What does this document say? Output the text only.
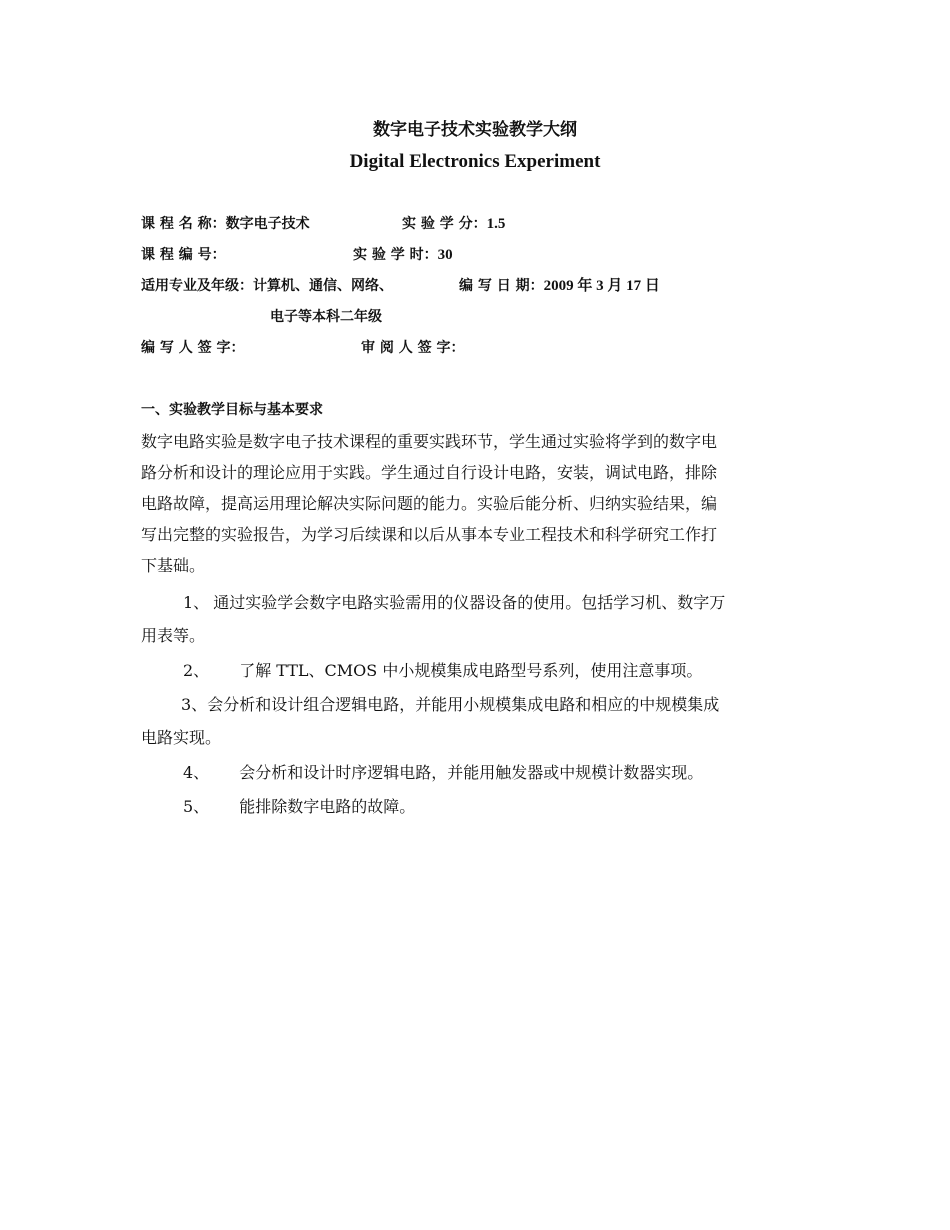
数字电子技术实验教学大纲
Digital Electronics Experiment
课 程 名 称：数字电子技术	实 验 学 分：1.5
课 程 编 号：	实 验 学 时：30
适用专业及年级：计算机、通信、网络、	编 写 日 期：2009 年 3 月 17 日
电子等本科二年级
编 写 人 签 字：	审 阅 人 签 字：
一、实验教学目标与基本要求
数字电路实验是数字电子技术课程的重要实践环节，学生通过实验将学到的数字电
路分析和设计的理论应用于实践。学生通过自行设计电路，安装，调试电路，排除
电路故障，提高运用理论解决实际问题的能力。实验后能分析、归纳实验结果，编
写出完整的实验报告，为学习后续课和以后从事本专业工程技术和科学研究工作打
下基础。
1、 通过实验学会数字电路实验需用的仪器设备的使用。包括学习机、数字万
用表等。
2、 了解 TTL、CMOS 中小规模集成电路型号系列，使用注意事项。
3、会分析和设计组合逻辑电路，并能用小规模集成电路和相应的中规模集成
电路实现。
4、 会分析和设计时序逻辑电路，并能用触发器或中规模计数器实现。
5、 能排除数字电路的故障。
